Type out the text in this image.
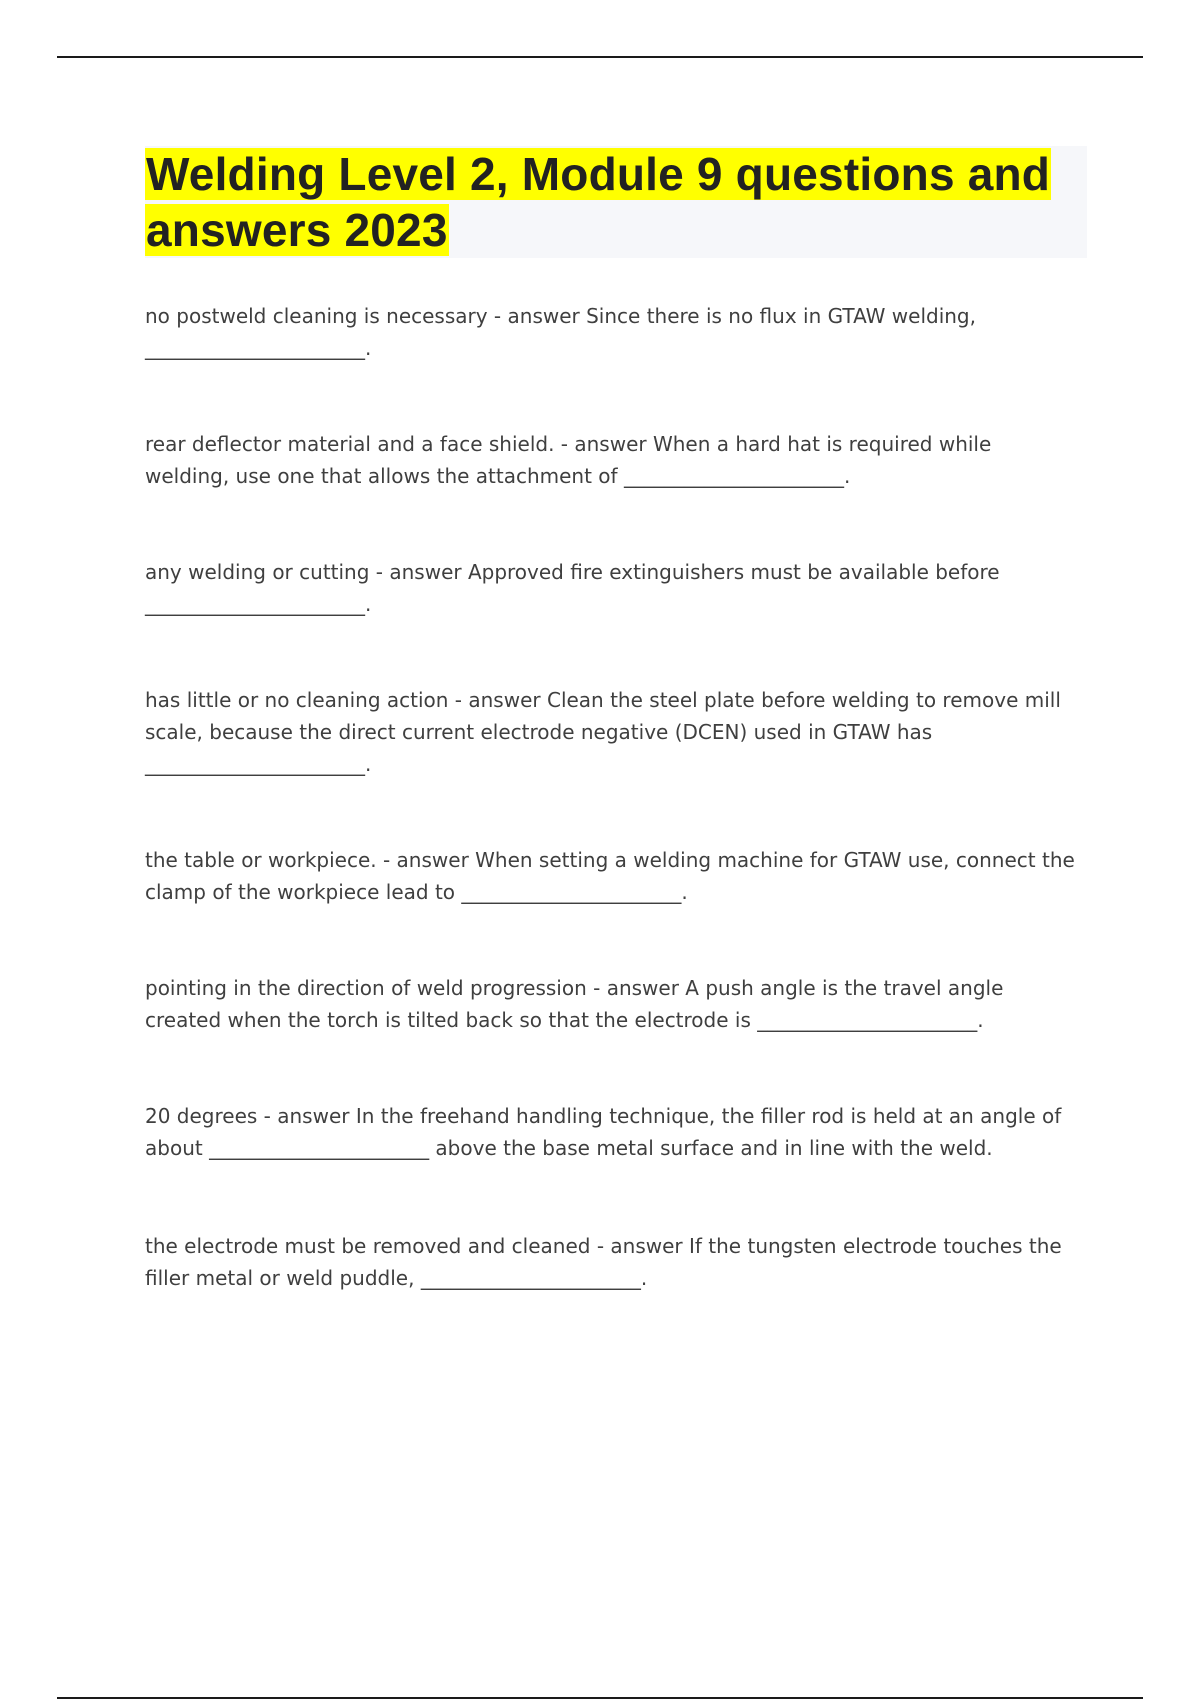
Welding Level 2, Module 9 questions and
answers 2023

no postweld cleaning is necessary - answer Since there is no flux in GTAW welding, ______________________.

rear deflector material and a face shield. - answer When a hard hat is required while welding, use one that allows the attachment of ______________________.

any welding or cutting - answer Approved fire extinguishers must be available before ______________________.

has little or no cleaning action - answer Clean the steel plate before welding to remove mill scale, because the direct current electrode negative (DCEN) used in GTAW has ______________________.

the table or workpiece. - answer When setting a welding machine for GTAW use, connect the clamp of the workpiece lead to ______________________.

pointing in the direction of weld progression - answer A push angle is the travel angle created when the torch is tilted back so that the electrode is ______________________.

20 degrees - answer In the freehand handling technique, the filler rod is held at an angle of about ______________________ above the base metal surface and in line with the weld.

the electrode must be removed and cleaned - answer If the tungsten electrode touches the filler metal or weld puddle, ______________________.
